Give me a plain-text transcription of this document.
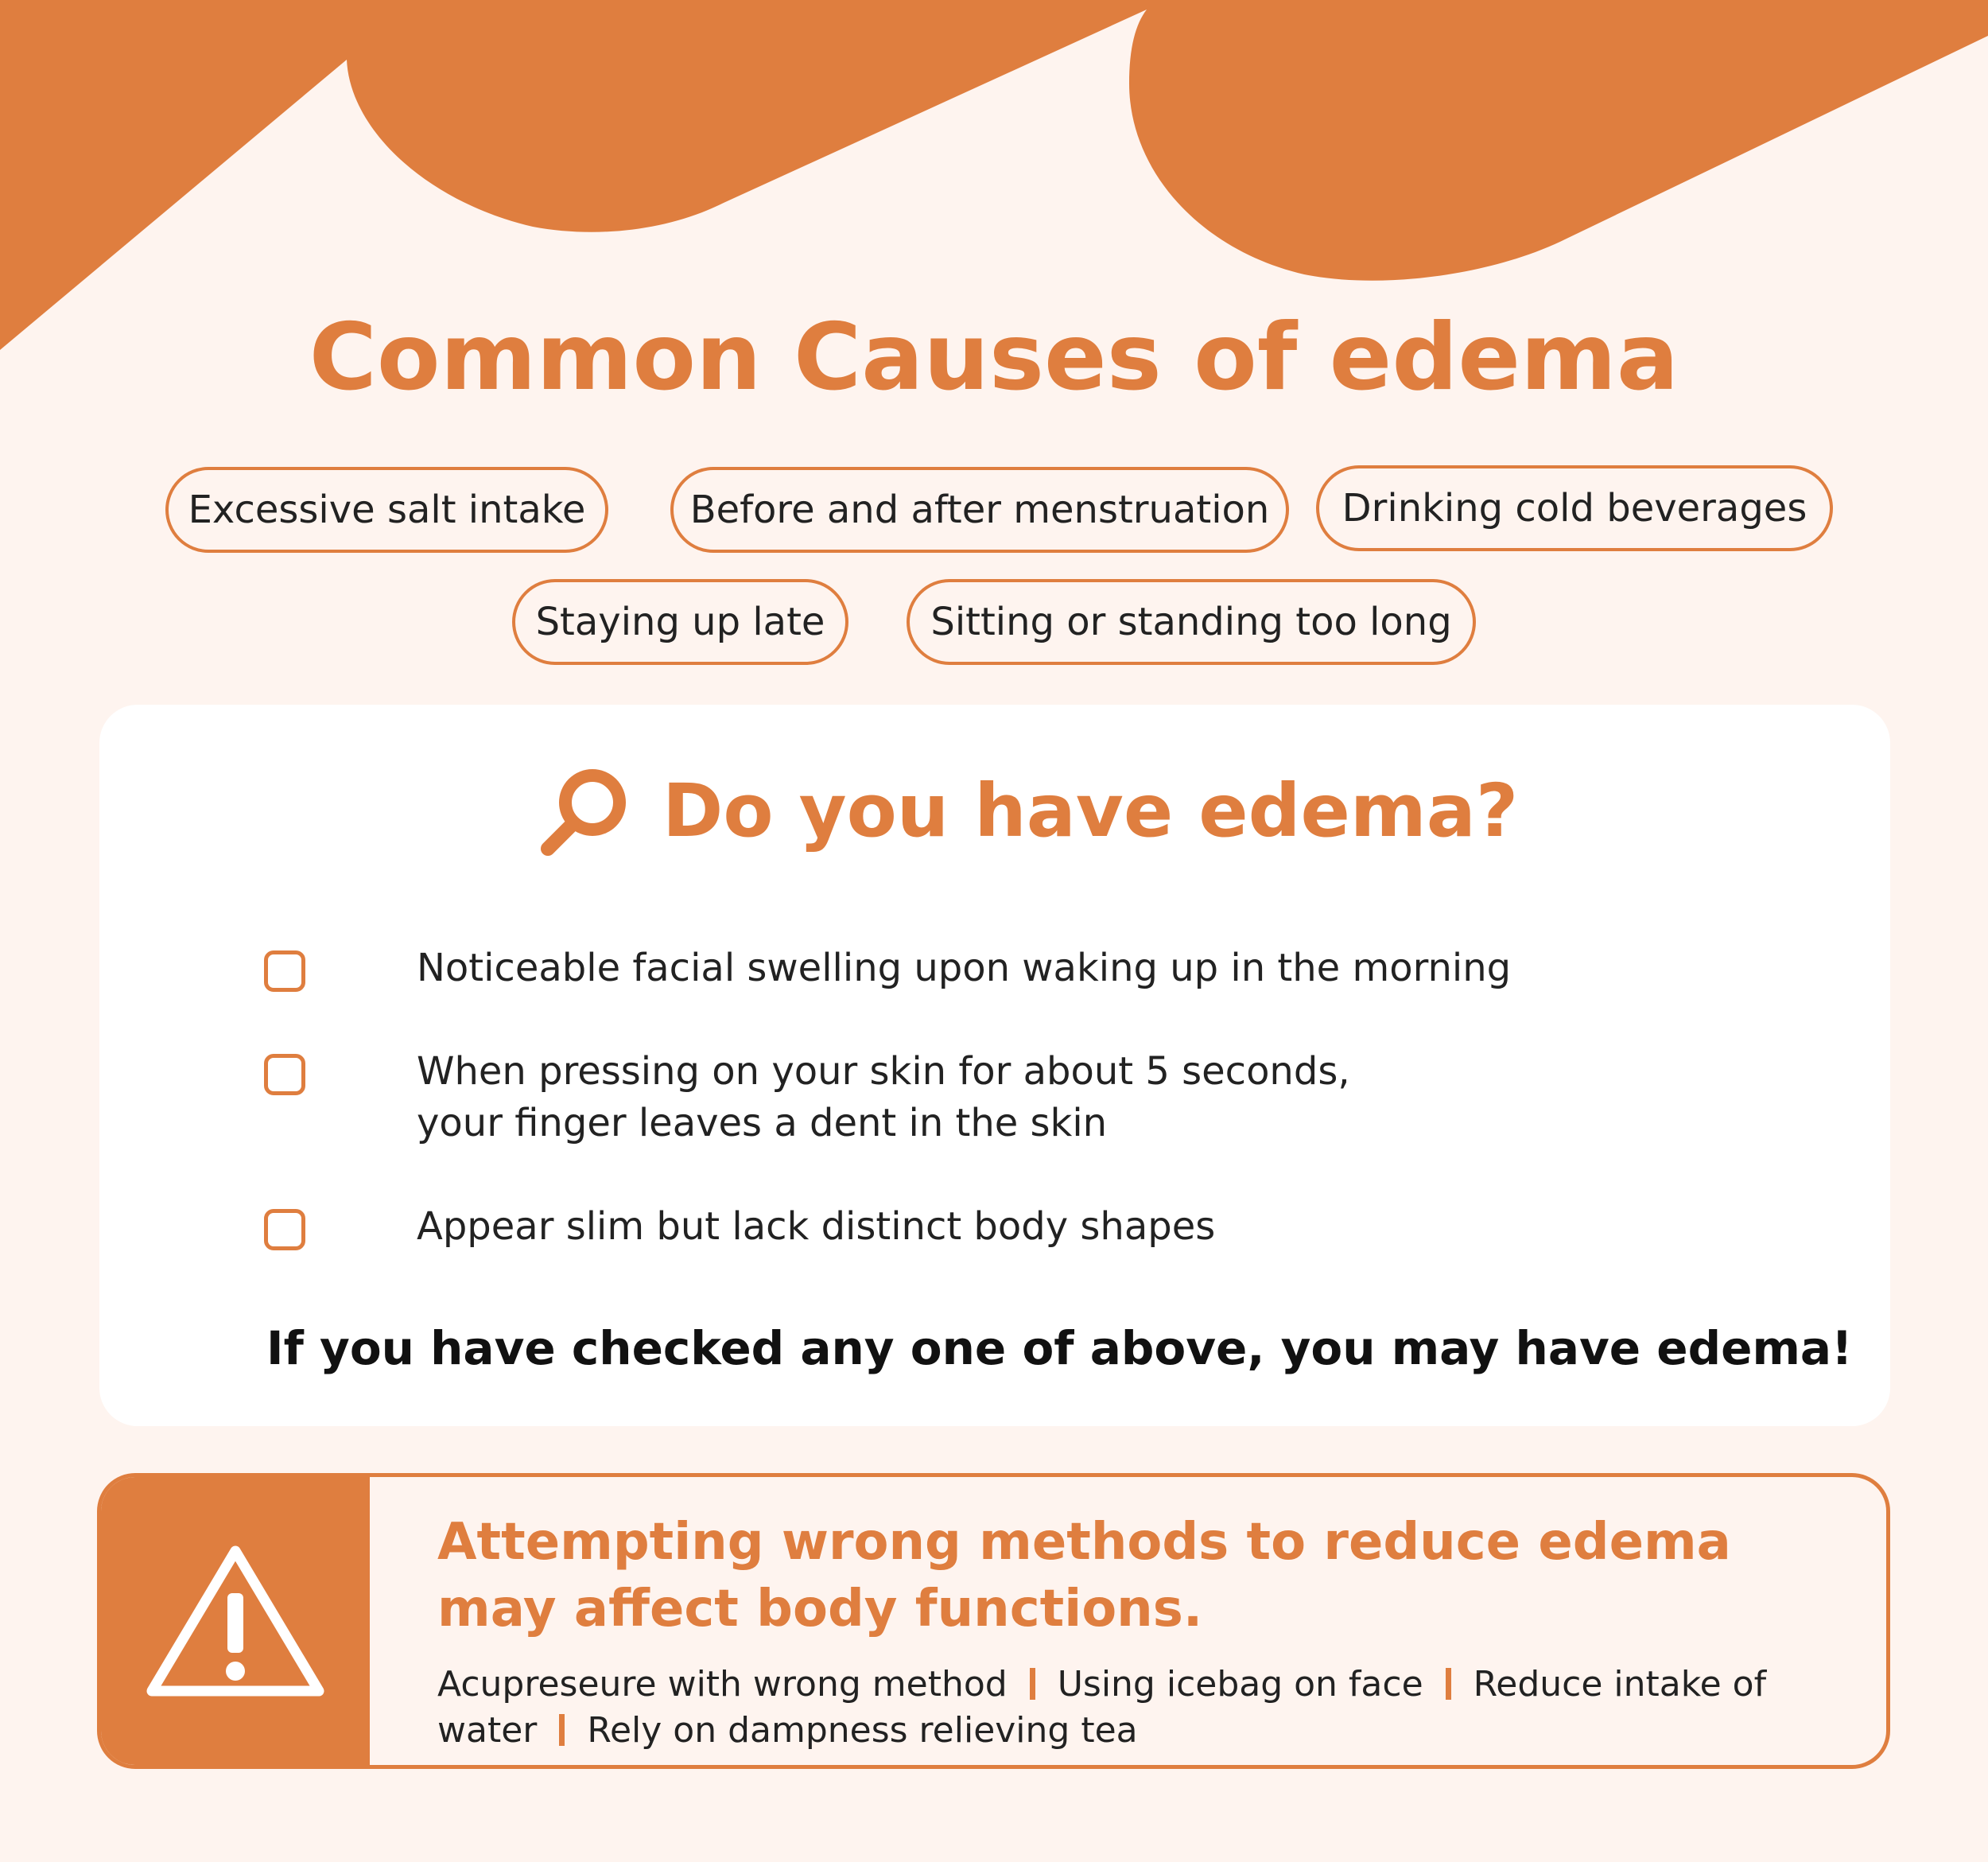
Common Causes of edema
Excessive salt intake	Before and after menstruation	Drinking cold beverages
Staying up late	Sitting or standing too long
Do you have edema?
Noticeable facial swelling upon waking up in the morning
When pressing on your skin for about 5 seconds,
your finger leaves a dent in the skin
Appear slim but lack distinct body shapes
If you have checked any one of above, you may have edema!
Attempting wrong methods to reduce edema may affect body functions.
Acupreseure with wrong method Using icebag on face Reduce intake of water Rely on dampness relieving tea
